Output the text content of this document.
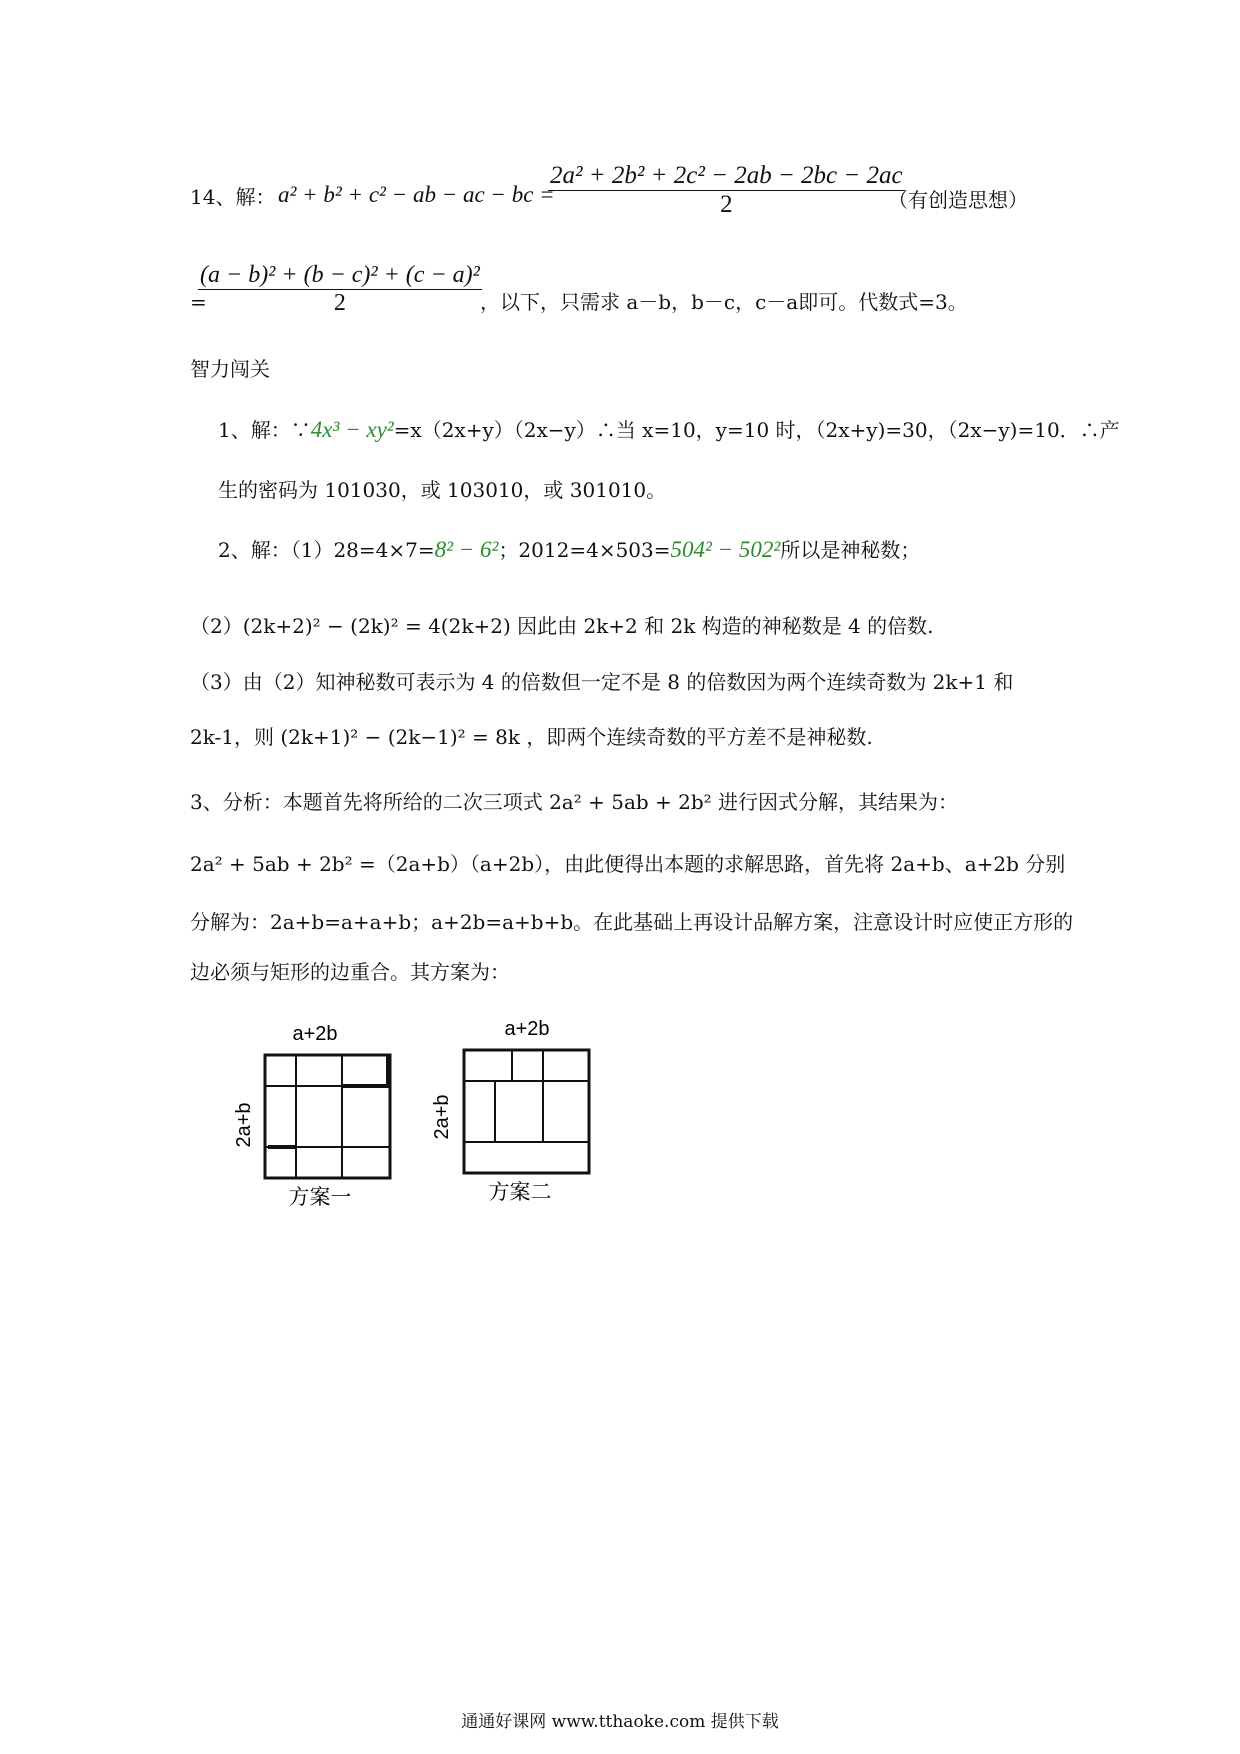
14、解： a² + b² + c² − ab − ac − bc =
$\frac{\text{2a² + 2b² + 2c² − 2ab − 2bc − 2ac}}{2}$
（有创造思想）
=
$\frac{\text{(a − b)² + (b − c)² + (c − a)²}}{2}$
，以下，只需求 a－b，b－c，c－a即可。代数式=3。
智力闯关
1、解：∵4x³ − xy²=x（2x+y）（2x−y）∴当 x=10，y=10 时，（2x+y)=30，（2x−y)=10．∴产
生的密码为 101030，或 103010，或 301010。
2、解：（1）28=4×7=8² − 6²；2012=4×503=504² − 502²所以是神秘数；
（2）(2k+2)² − (2k)² = 4(2k+2) 因此由 2k+2 和 2k 构造的神秘数是 4 的倍数.
（3）由（2）知神秘数可表示为 4 的倍数但一定不是 8 的倍数因为两个连续奇数为 2k+1 和
2k-1，则 (2k+1)² − (2k−1)² = 8k ，即两个连续奇数的平方差不是神秘数.
3、分析：本题首先将所给的二次三项式 2a² + 5ab + 2b² 进行因式分解，其结果为：
2a² + 5ab + 2b² =（2a+b）（a+2b），由此便得出本题的求解思路，首先将 2a+b、a+2b 分别
分解为：2a+b=a+a+b；a+2b=a+b+b。在此基础上再设计品解方案，注意设计时应使正方形的
边必须与矩形的边重合。其方案为：
a+2b
2a+b
方案一
a+2b
2a+b
方案二
通通好课网 www.tthaoke.com 提供下载
